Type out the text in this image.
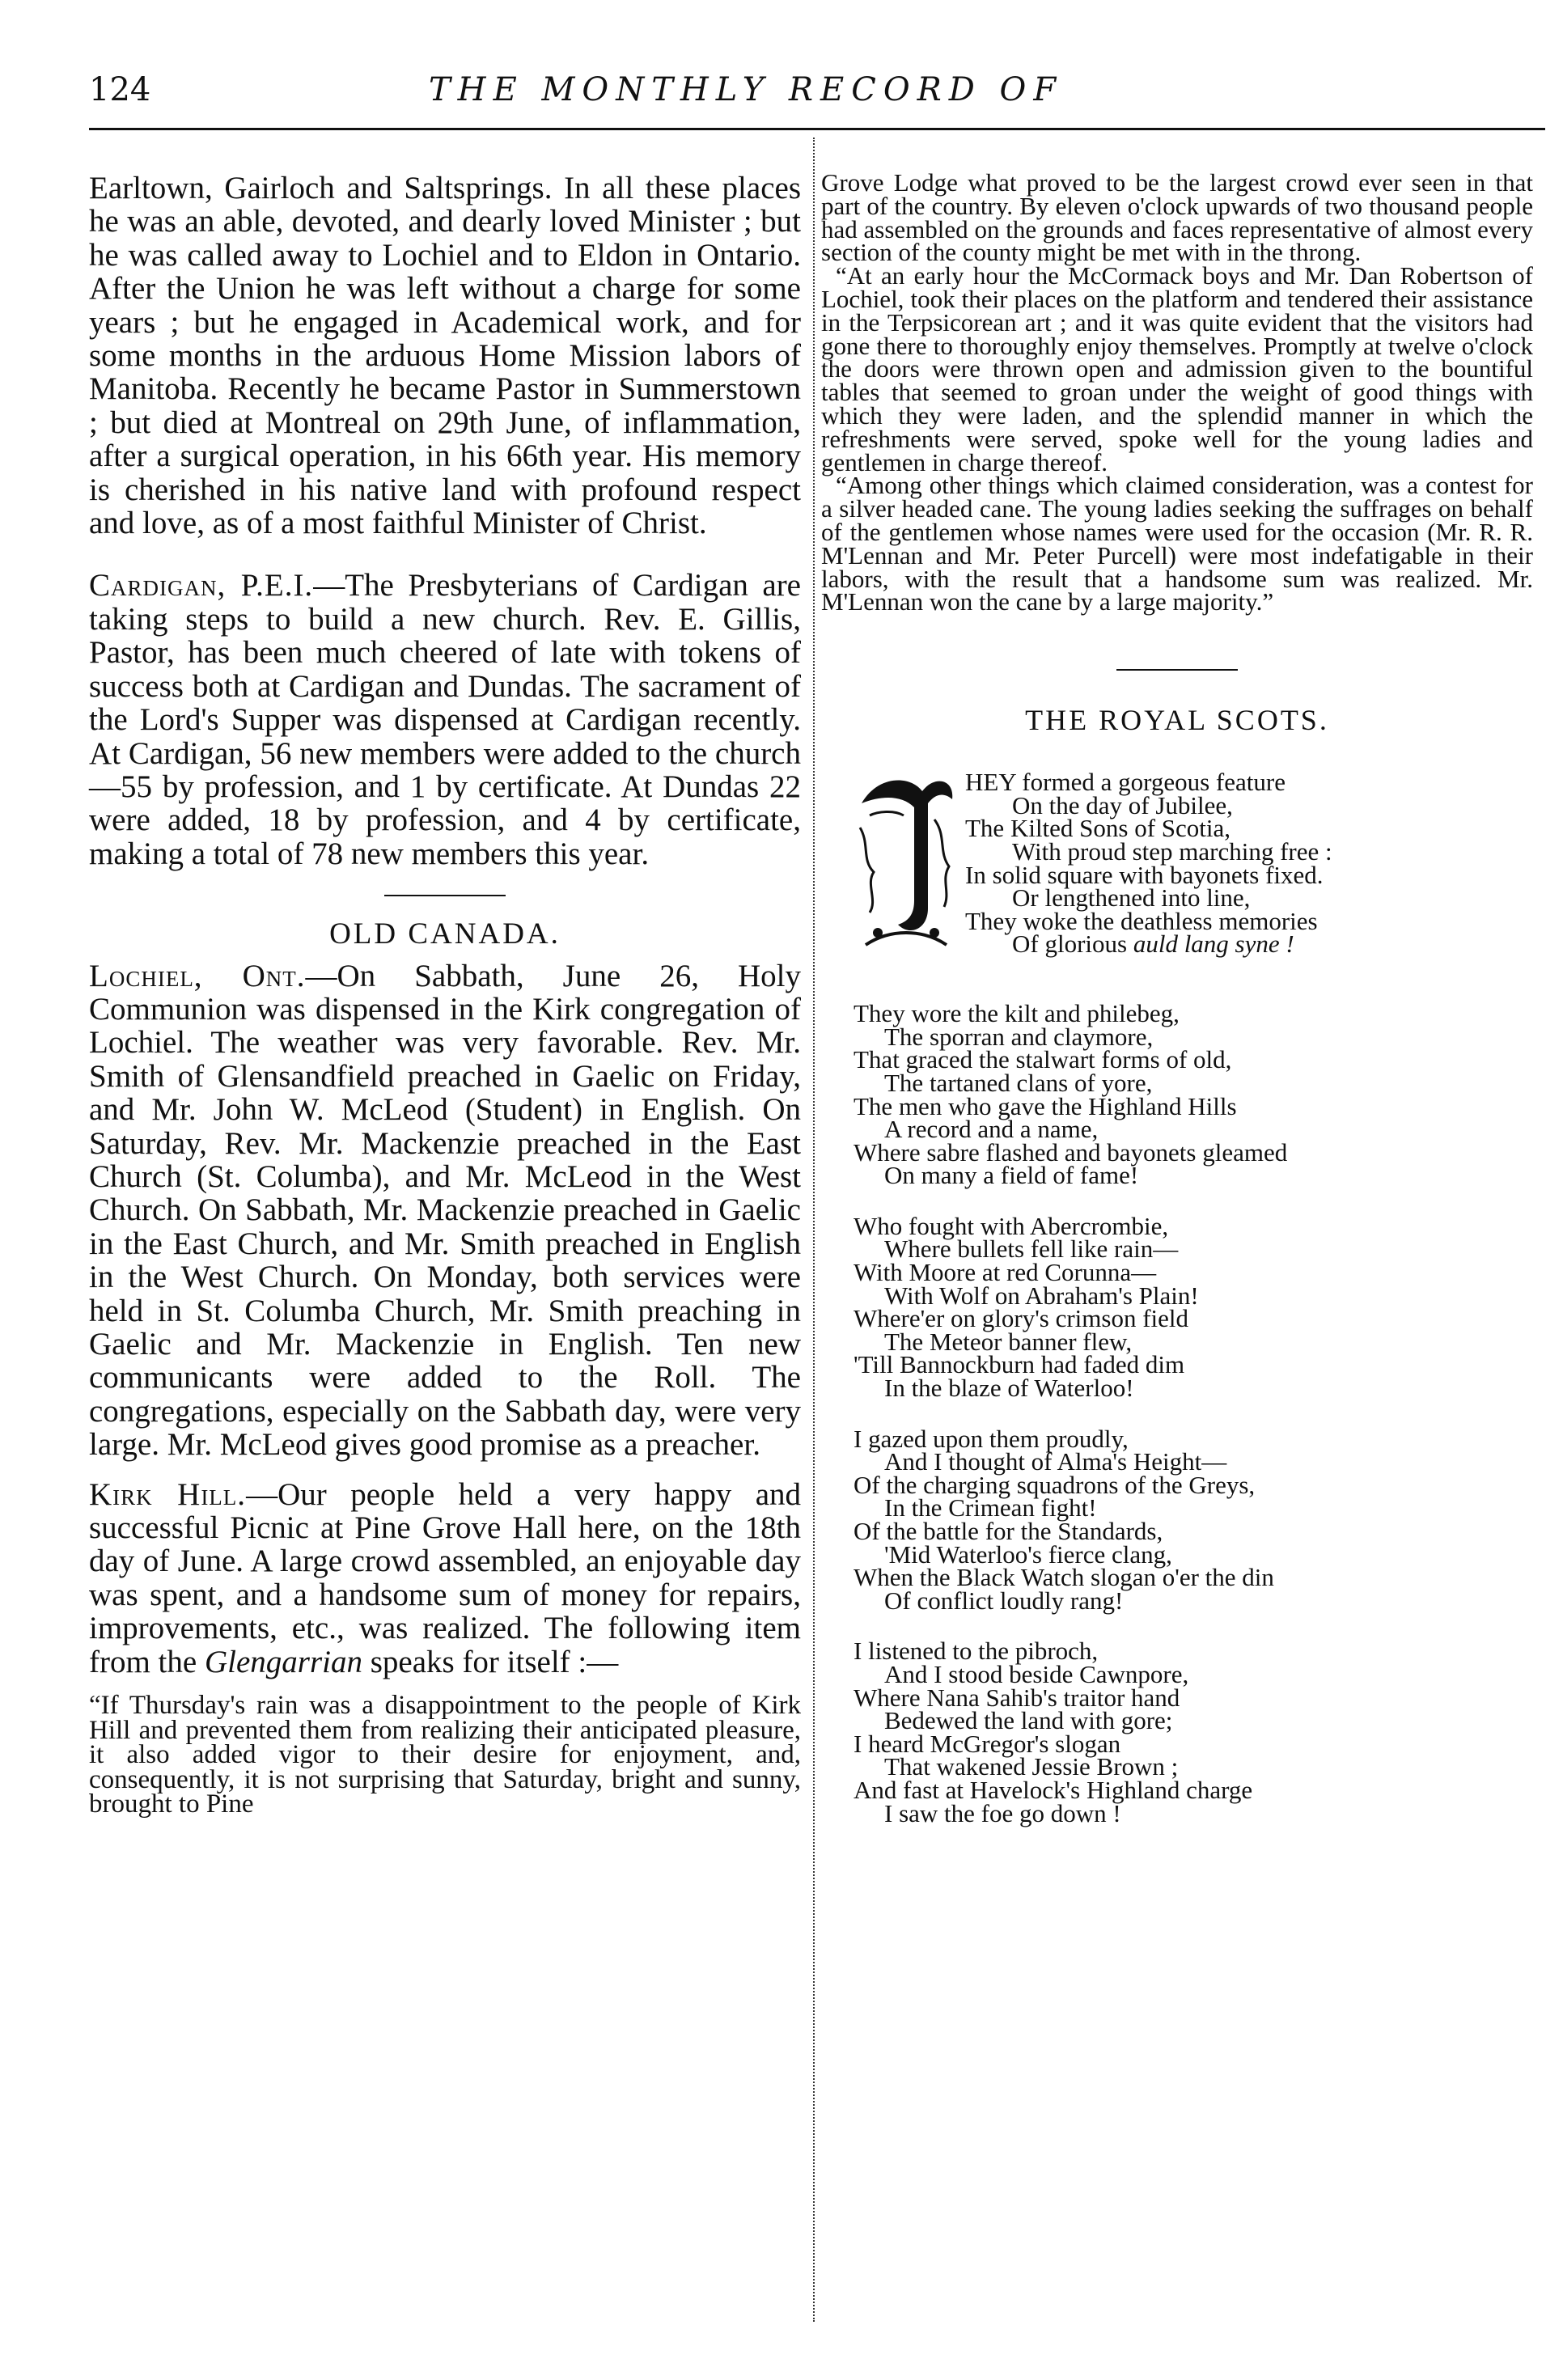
124	THE MONTHLY RECORD OF

Earltown, Gairloch and Saltsprings. In all these places he was an able, devoted, and dearly loved Minister ; but he was called away to Lochiel and to Eldon in Ontario. After the Union he was left without a charge for some years ; but he engaged in Academical work, and for some months in the arduous Home Mission labors of Manitoba. Recently he became Pastor in Summerstown ; but died at Montreal on 29th June, of inflammation, after a surgical operation, in his 66th year. His memory is cherished in his native land with profound respect and love, as of a most faithful Minister of Christ.

Cardigan, P.E.I.—The Presbyterians of Cardigan are taking steps to build a new church. Rev. E. Gillis, Pastor, has been much cheered of late with tokens of success both at Cardigan and Dundas. The sacrament of the Lord's Supper was dispensed at Cardigan recently. At Cardigan, 56 new members were added to the church—55 by profession, and 1 by certificate. At Dundas 22 were added, 18 by profession, and 4 by certificate, making a total of 78 new members this year.

OLD CANADA.

Lochiel, Ont.—On Sabbath, June 26, Holy Communion was dispensed in the Kirk congregation of Lochiel. The weather was very favorable. Rev. Mr. Smith of Glensandfield preached in Gaelic on Friday, and Mr. John W. McLeod (Student) in English. On Saturday, Rev. Mr. Mackenzie preached in the East Church (St. Columba), and Mr. McLeod in the West Church. On Sabbath, Mr. Mackenzie preached in Gaelic in the East Church, and Mr. Smith preached in English in the West Church. On Monday, both services were held in St. Columba Church, Mr. Smith preaching in Gaelic and Mr. Mackenzie in English. Ten new communicants were added to the Roll. The congregations, especially on the Sabbath day, were very large. Mr. McLeod gives good promise as a preacher.

Kirk Hill.—Our people held a very happy and successful Picnic at Pine Grove Hall here, on the 18th day of June. A large crowd assembled, an enjoyable day was spent, and a handsome sum of money for repairs, improvements, etc., was realized. The following item from the Glengarrian speaks for itself :—

“If Thursday's rain was a disappointment to the people of Kirk Hill and prevented them from realizing their anticipated pleasure, it also added vigor to their desire for enjoyment, and, consequently, it is not surprising that Saturday, bright and sunny, brought to Pine

Grove Lodge what proved to be the largest crowd ever seen in that part of the country. By eleven o'clock upwards of two thousand people had assembled on the grounds and faces representative of almost every section of the county might be met with in the throng.

“At an early hour the McCormack boys and Mr. Dan Robertson of Lochiel, took their places on the platform and tendered their assistance in the Terpsicorean art ; and it was quite evident that the visitors had gone there to thoroughly enjoy themselves. Promptly at twelve o'clock the doors were thrown open and admission given to the bountiful tables that seemed to groan under the weight of good things with which they were laden, and the splendid manner in which the refreshments were served, spoke well for the young ladies and gentlemen in charge thereof.

“Among other things which claimed consideration, was a contest for a silver headed cane. The young ladies seeking the suffrages on behalf of the gentlemen whose names were used for the occasion (Mr. R. R. M'Lennan and Mr. Peter Purcell) were most indefatigable in their labors, with the result that a handsome sum was realized. Mr. M'Lennan won the cane by a large majority.”

THE ROYAL SCOTS.
HEY formed a gorgeous feature
On the day of Jubilee,
The Kilted Sons of Scotia,
With proud step marching free :
In solid square with bayonets fixed.
Or lengthened into line,
They woke the deathless memories
Of glorious auld lang syne !
They wore the kilt and philebeg,
The sporran and claymore,
That graced the stalwart forms of old,
The tartaned clans of yore,
The men who gave the Highland Hills
A record and a name,
Where sabre flashed and bayonets gleamed
On many a field of fame!
Who fought with Abercrombie,
Where bullets fell like rain—
With Moore at red Corunna—
With Wolf on Abraham's Plain!
Where'er on glory's crimson field
The Meteor banner flew,
'Till Bannockburn had faded dim
In the blaze of Waterloo!
I gazed upon them proudly,
And I thought of Alma's Height—
Of the charging squadrons of the Greys,
In the Crimean fight!
Of the battle for the Standards,
'Mid Waterloo's fierce clang,
When the Black Watch slogan o'er the din
Of conflict loudly rang!
I listened to the pibroch,
And I stood beside Cawnpore,
Where Nana Sahib's traitor hand
Bedewed the land with gore;
I heard McGregor's slogan
That wakened Jessie Brown ;
And fast at Havelock's Highland charge
I saw the foe go down !
